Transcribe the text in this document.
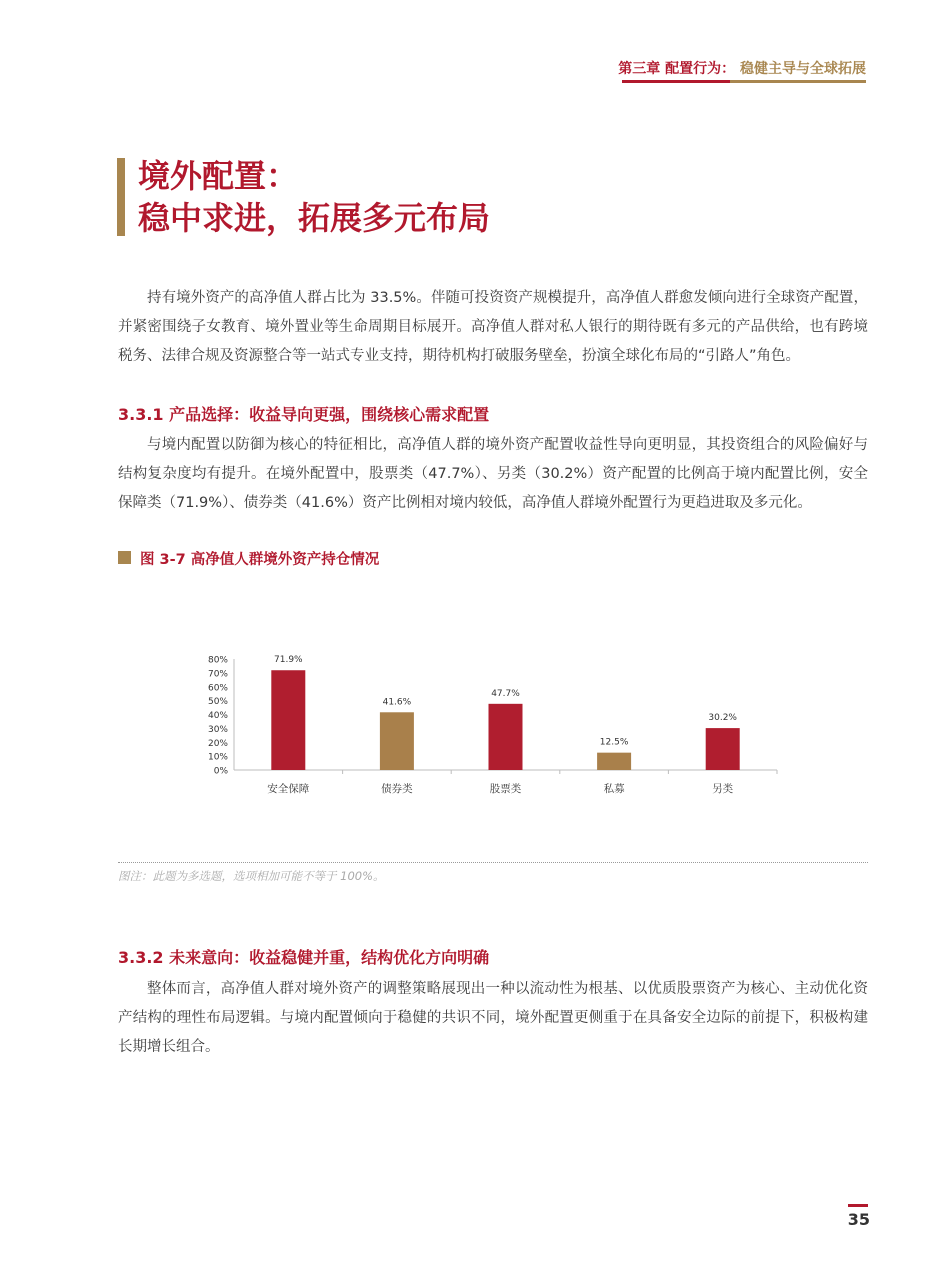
第三章 配置行为： 稳健主导与全球拓展
境外配置：
稳中求进，拓展多元布局

持有境外资产的高净值人群占比为 33.5%。伴随可投资资产规模提升，高净值人群愈发倾向进行全球资产配置，并紧密围绕子女教育、境外置业等生命周期目标展开。高净值人群对私人银行的期待既有多元的产品供给，也有跨境税务、法律合规及资源整合等一站式专业支持，期待机构打破服务壁垒，扮演全球化布局的“引路人”角色。

3.3.1 产品选择：收益导向更强，围绕核心需求配置

与境内配置以防御为核心的特征相比，高净值人群的境外资产配置收益性导向更明显，其投资组合的风险偏好与结构复杂度均有提升。在境外配置中，股票类（47.7%）、另类（30.2%）资产配置的比例高于境内配置比例，安全保障类（71.9%）、债券类（41.6%）资产比例相对境内较低，高净值人群境外配置行为更趋进取及多元化。

图 3-7 高净值人群境外资产持仓情况
0%
10%
20%
30%
40%
50%
60%
70%
80%	71.9%
安全保障
41.6%
债券类
47.7%
股票类
12.5%
私募
30.2%
另类
图注：此题为多选题，选项相加可能不等于 100%。
3.3.2 未来意向：收益稳健并重，结构优化方向明确

整体而言，高净值人群对境外资产的调整策略展现出一种以流动性为根基、以优质股票资产为核心、主动优化资产结构的理性布局逻辑。与境内配置倾向于稳健的共识不同，境外配置更侧重于在具备安全边际的前提下，积极构建长期增长组合。

35
